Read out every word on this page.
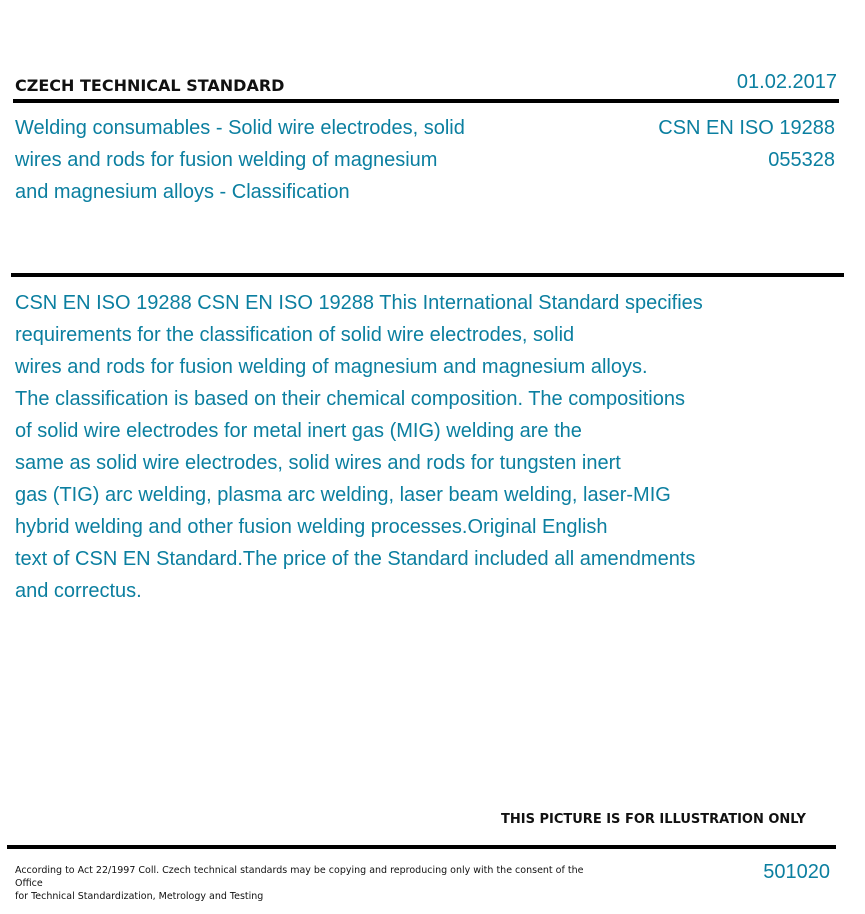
CZECH TECHNICAL STANDARD	01.02.2017
Welding consumables - Solid wire electrodes, solid
wires and rods for fusion welding of magnesium
and magnesium alloys - Classification
CSN EN ISO 19288
055328
CSN EN ISO 19288 CSN EN ISO 19288 This International Standard specifies
requirements for the classification of solid wire electrodes, solid
wires and rods for fusion welding of magnesium and magnesium alloys.
The classification is based on their chemical composition. The compositions
of solid wire electrodes for metal inert gas (MIG) welding are the
same as solid wire electrodes, solid wires and rods for tungsten inert
gas (TIG) arc welding, plasma arc welding, laser beam welding, laser-MIG
hybrid welding and other fusion welding processes.Original English
text of CSN EN Standard.The price of the Standard included all amendments
and correctus.
THIS PICTURE IS FOR ILLUSTRATION ONLY
According to Act 22/1997 Coll. Czech technical standards may be copying and reproducing only with the consent of the Office
for Technical Standardization, Metrology and Testing
501020
